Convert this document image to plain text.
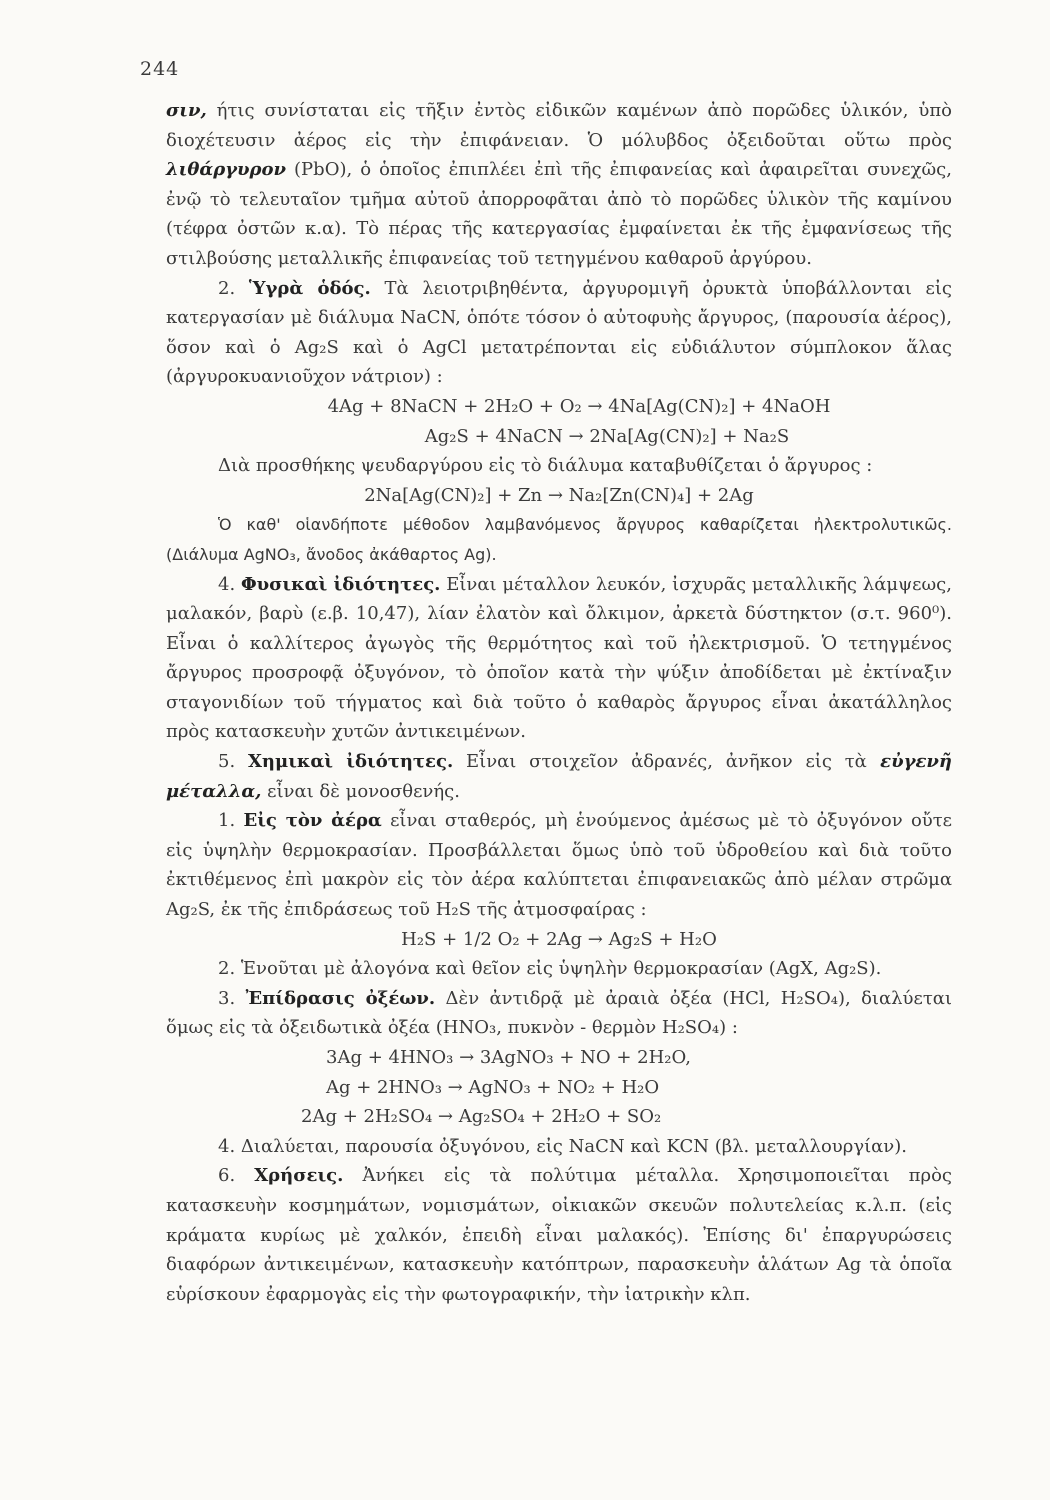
244

σιν, ήτις συνίσταται εἰς τῆξιν ἐντὸς εἰδικῶν καμένων ἀπὸ πορῶδες ὑλικόν, ὑπὸ διοχέτευσιν ἀέρος εἰς τὴν ἐπιφάνειαν. Ὁ μόλυβδος ὀξειδοῦται οὕτω πρὸς λιθάργυρον (PbO), ὁ ὁποῖος ἐπιπλέει ἐπὶ τῆς ἐπιφανείας καὶ ἀφαιρεῖται συνεχῶς, ἐνῷ τὸ τελευταῖον τμῆμα αὐτοῦ ἀπορροφᾶται ἀπὸ τὸ πορῶδες ὑλικὸν τῆς καμίνου (τέφρα ὀστῶν κ.α). Τὸ πέρας τῆς κατεργασίας ἐμφαίνεται ἐκ τῆς ἐμφανίσεως τῆς στιλβούσης μεταλλικῆς ἐπιφανείας τοῦ τετηγμένου καθαροῦ ἀργύρου.

2. Ὑγρὰ ὁδός. Τὰ λειοτριβηθέντα, ἀργυρομιγῆ ὀρυκτὰ ὑποβάλλονται εἰς κατεργασίαν μὲ διάλυμα NaCN, ὁπότε τόσον ὁ αὐτοφυὴς ἄργυρος, (παρουσία ἀέρος), ὅσον καὶ ὁ Ag₂S καὶ ὁ AgCl μετατρέπονται εἰς εὐδιάλυτον σύμπλοκον ἅλας (ἀργυροκυανιοῦχον νάτριον) :

4Ag + 8NaCN + 2H₂O + O₂ → 4Na[Ag(CN)₂] + 4NaOH

Ag₂S + 4NaCN → 2Na[Ag(CN)₂] + Na₂S

Διὰ προσθήκης ψευδαργύρου εἰς τὸ διάλυμα καταβυθίζεται ὁ ἄργυρος :

2Na[Ag(CN)₂] + Zn → Na₂[Zn(CN)₄] + 2Ag

Ὁ καθ' οἱανδήποτε μέθοδον λαμβανόμενος ἄργυρος καθαρίζεται ἠλεκτρολυτικῶς. (Διάλυμα AgNO₃, ἄνοδος ἀκάθαρτος Ag).

4. Φυσικαὶ ἰδιότητες. Εἶναι μέταλλον λευκόν, ἰσχυρᾶς μεταλλικῆς λάμψεως, μαλακόν, βαρὺ (ε.β. 10,47), λίαν ἐλατὸν καὶ ὄλκιμον, ἀρκετὰ δύστηκτον (σ.τ. 960⁰). Εἶναι ὁ καλλίτερος ἀγωγὸς τῆς θερμότητος καὶ τοῦ ἠλεκτρισμοῦ. Ὁ τετηγμένος ἄργυρος προσροφᾷ ὀξυγόνον, τὸ ὁποῖον κατὰ τὴν ψύξιν ἀποδίδεται μὲ ἐκτίναξιν σταγονιδίων τοῦ τήγματος καὶ διὰ τοῦτο ὁ καθαρὸς ἄργυρος εἶναι ἀκατάλληλος πρὸς κατασκευὴν χυτῶν ἀντικειμένων.

5. Χημικαὶ ἰδιότητες. Εἶναι στοιχεῖον ἀδρανές, ἀνῆκον εἰς τὰ εὐγενῆ μέταλλα, εἶναι δὲ μονοσθενής.

1. Εἰς τὸν ἀέρα εἶναι σταθερός, μὴ ἑνούμενος ἀμέσως μὲ τὸ ὀξυγόνον οὔτε εἰς ὑψηλὴν θερμοκρασίαν. Προσβάλλεται ὅμως ὑπὸ τοῦ ὑδροθείου καὶ διὰ τοῦτο ἐκτιθέμενος ἐπὶ μακρὸν εἰς τὸν ἀέρα καλύπτεται ἐπιφανειακῶς ἀπὸ μέλαν στρῶμα Ag₂S, ἐκ τῆς ἐπιδράσεως τοῦ H₂S τῆς ἀτμοσφαίρας :

H₂S + 1/2 O₂ + 2Ag → Ag₂S + H₂O

2. Ἑνοῦται μὲ ἀλογόνα καὶ θεῖον εἰς ὑψηλὴν θερμοκρασίαν (AgX, Ag₂S).

3. Ἐπίδρασις ὀξέων. Δὲν ἀντιδρᾷ μὲ ἀραιὰ ὀξέα (HCl, H₂SO₄), διαλύεται ὅμως εἰς τὰ ὀξειδωτικὰ ὀξέα (HNO₃, πυκνὸν - θερμὸν H₂SO₄) :

3Ag + 4HNO₃ → 3AgNO₃ + NO + 2H₂O,

Ag + 2HNO₃ → AgNO₃ + NO₂ + H₂O

2Ag + 2H₂SO₄ → Ag₂SO₄ + 2H₂O + SO₂

4. Διαλύεται, παρουσία ὀξυγόνου, εἰς NaCN καὶ KCN (βλ. μεταλλουργίαν).

6. Χρήσεις. Ἀνήκει εἰς τὰ πολύτιμα μέταλλα. Χρησιμοποιεῖται πρὸς κατασκευὴν κοσμημάτων, νομισμάτων, οἰκιακῶν σκευῶν πολυτελείας κ.λ.π. (εἰς κράματα κυρίως μὲ χαλκόν, ἐπειδὴ εἶναι μαλακός). Ἐπίσης δι' ἐπαργυρώσεις διαφόρων ἀντικειμένων, κατασκευὴν κατόπτρων, παρασκευὴν ἁλάτων Ag τὰ ὁποῖα εὑρίσκουν ἐφαρμογὰς εἰς τὴν φωτογραφικήν, τὴν ἰατρικὴν κλπ.
